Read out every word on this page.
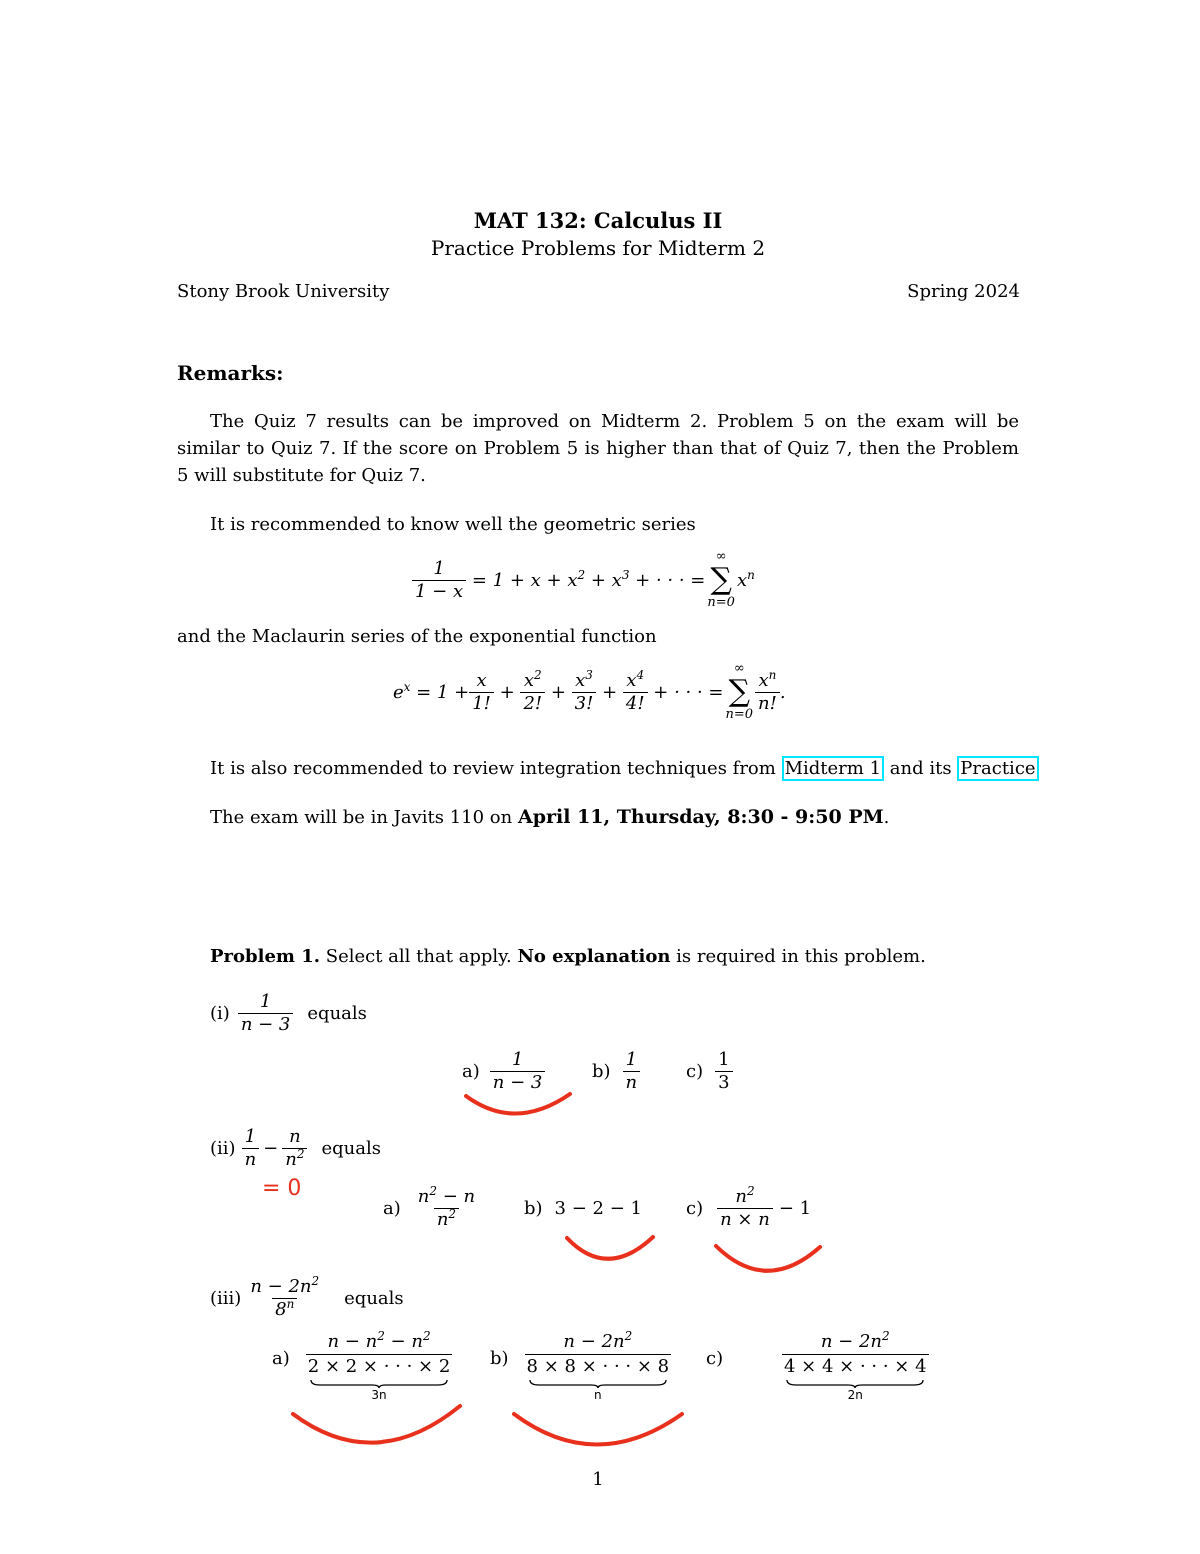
MAT 132: Calculus II
Practice Problems for Midterm 2
Stony Brook University	Spring 2024
Remarks:
The Quiz 7 results can be improved on Midterm 2. Problem 5 on the exam will be similar to Quiz 7. If the score on Problem 5 is higher than that of Quiz 7, then the Problem 5 will substitute for Quiz 7.
It is recommended to know well the geometric series
$\frac{1}{1 - x} = 1 + x + x^2 + x^3$ + · · · =
∞
∑
n=0
$x^n$
and the Maclaurin series of the exponential function
$e^x = 1 + \frac{x}{1!} + \frac{x^2}{2!} + \frac{x^3}{3!} + \frac{x^4}{4!}$ + · · · =
∞
∑
$n=0 \frac{x^n}{n!}$ .
It is also recommended to review integration techniques from Midterm 1 and its Practice
The exam will be in Javits 110 on April 11, Thursday, 8:30 - 9:50 PM.
Problem 1. Select all that apply. No explanation is required in this problem.
$(i) \frac{1}{n - 3}$ equals
$a) \frac{1}{n - 3}$	$b) \frac{1}{n}$	$c) \frac{1}{3}$
$(ii) \frac{1}{n} - \frac{n}{n^2}$ equals
= 0
$a) \frac{n^2 - n}{n^2}$	b) 3 − 2 − 1 $c) \frac{n^2}{n \times n} - 1$
$(iii) \frac{n - 2n^2}{8^n}$ equals
a)
$n - n^2 - n^2$
2 × 2 × · · · × 2
3n
b)
$n - 2n^2$
8 × 8 × · · · × 8
n
c)
$n - 2n^2$
4 × 4 × · · · × 4
2n
1
